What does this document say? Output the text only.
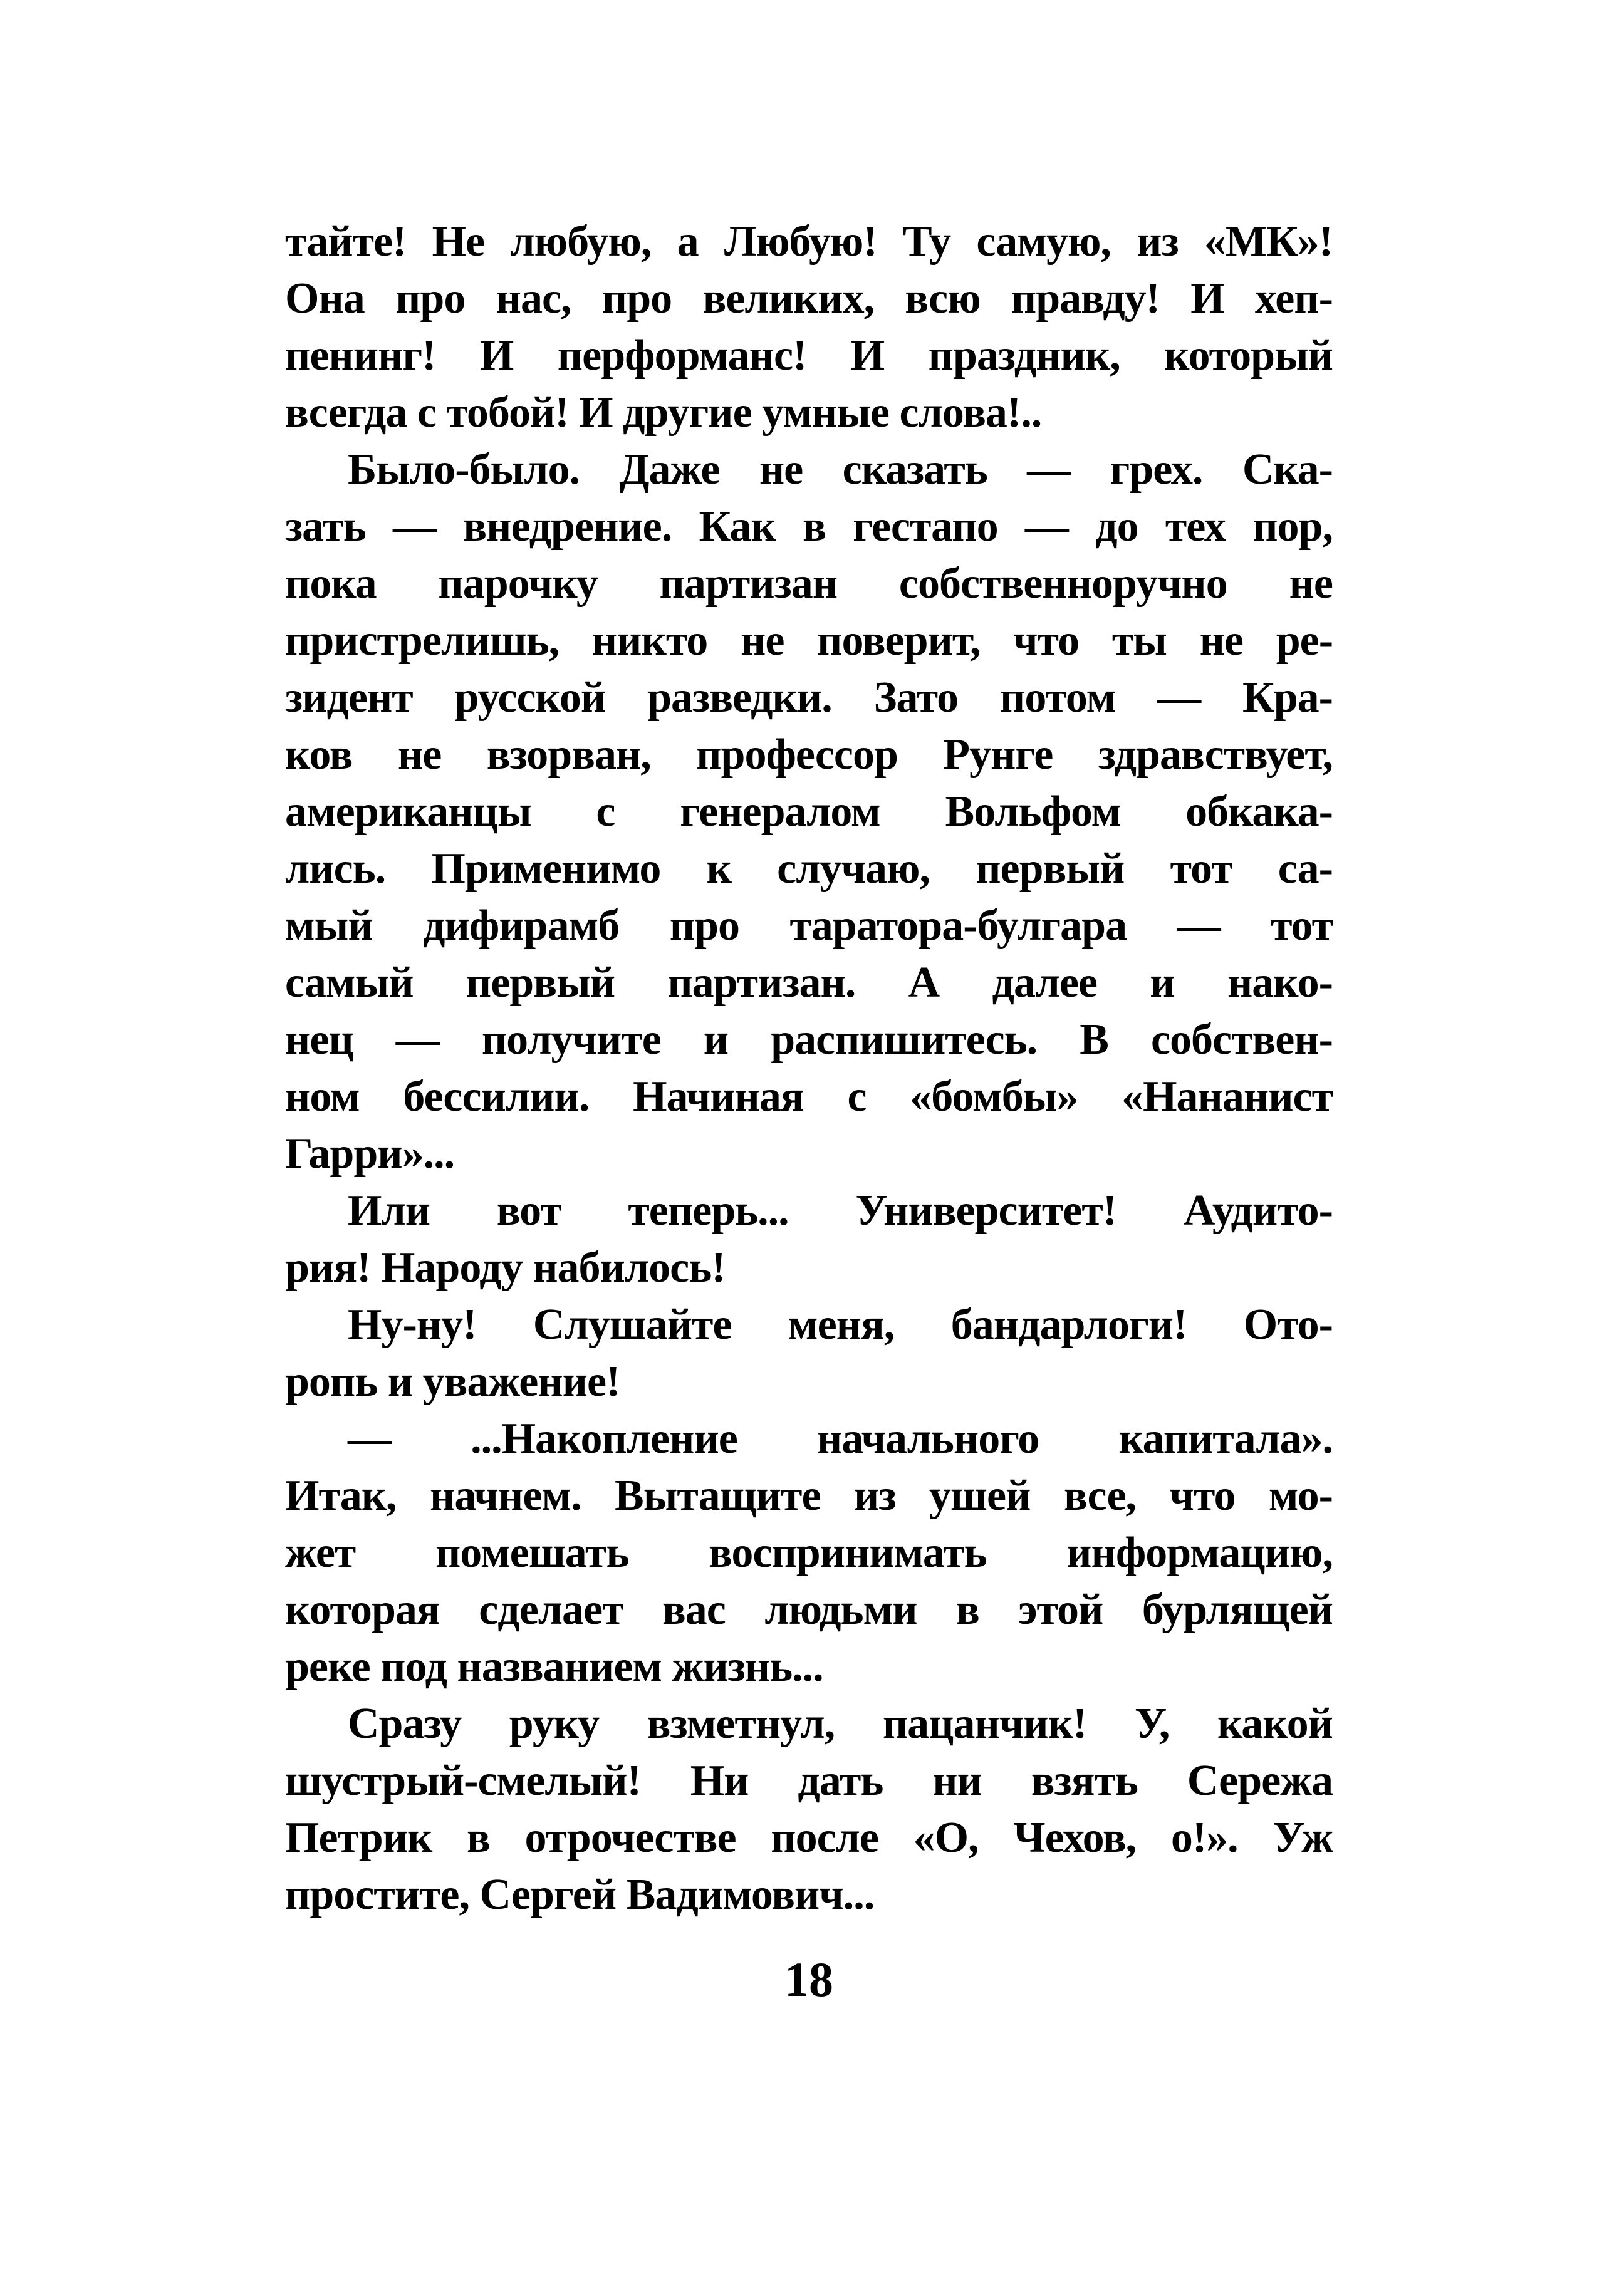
тайте! Не любую, а Любую! Ту самую, из «МК»!
Она про нас, про великих, всю правду! И хеп-
пенинг! И перформанс! И праздник, который
всегда с тобой! И другие умные слова!..
Было-было. Даже не сказать — грех. Ска-
зать — внедрение. Как в гестапо — до тех пор,
пока парочку партизан собственноручно не
пристрелишь, никто не поверит, что ты не ре-
зидент русской разведки. Зато потом — Кра-
ков не взорван, профессор Рунге здравствует,
американцы с генералом Вольфом обкака-
лись. Применимо к случаю, первый тот са-
мый дифирамб про таратора-булгара — тот
самый первый партизан. А далее и нако-
нец — получите и распишитесь. В собствен-
ном бессилии. Начиная с «бомбы» «Нананист
Гарри»...
Или вот теперь... Университет! Аудито-
рия! Народу набилось!
Ну-ну! Слушайте меня, бандарлоги! Ото-
ропь и уважение!
— ...Накопление начального капитала».
Итак, начнем. Вытащите из ушей все, что мо-
жет помешать воспринимать информацию,
которая сделает вас людьми в этой бурлящей
реке под названием жизнь...
Сразу руку взметнул, пацанчик! У, какой
шустрый-смелый! Ни дать ни взять Сережа
Петрик в отрочестве после «О, Чехов, о!». Уж
простите, Сергей Вадимович...
18
